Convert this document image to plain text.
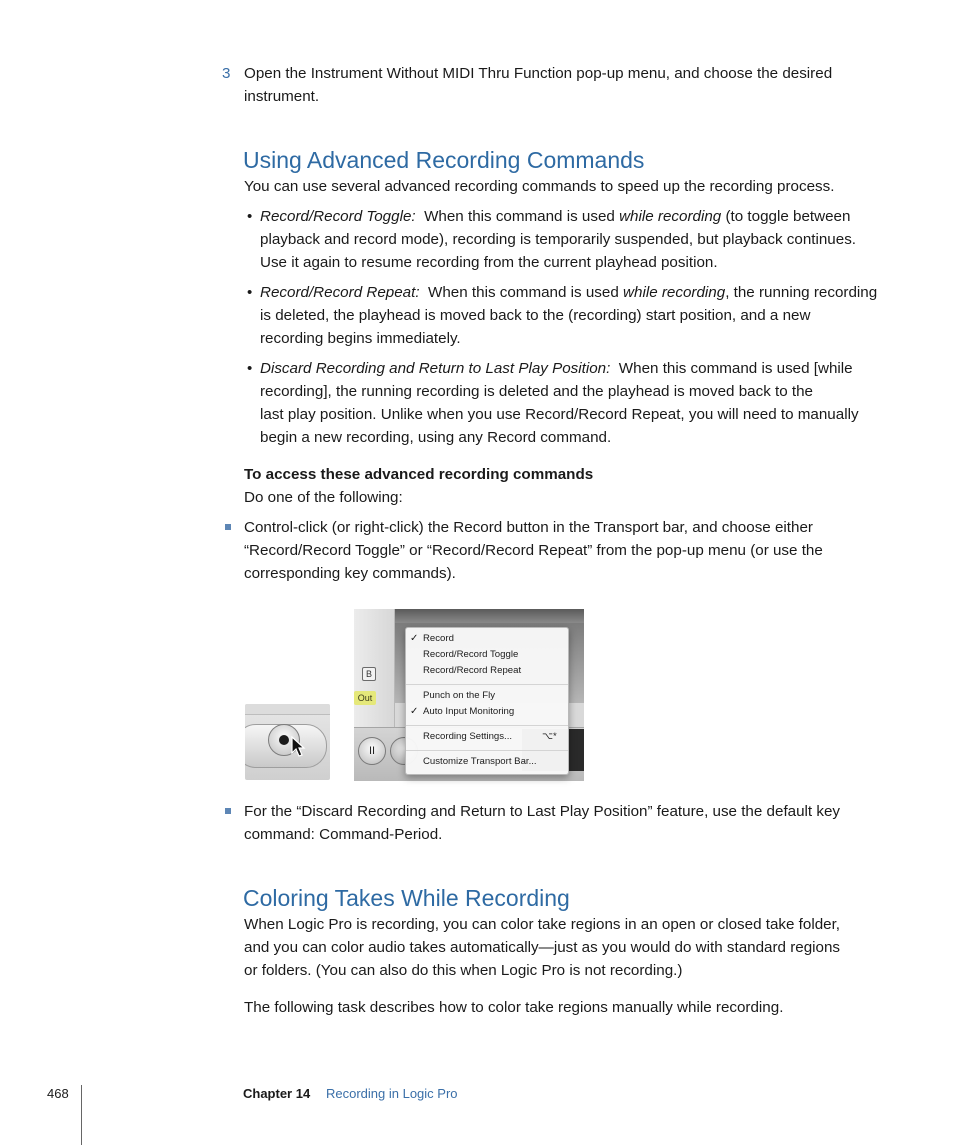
3 Open the Instrument Without MIDI Thru Function pop-up menu, and choose the desired
instrument.
Using Advanced Recording Commands
You can use several advanced recording commands to speed up the recording process.
• Record/Record Toggle: When this command is used while recording (to toggle between
playback and record mode), recording is temporarily suspended, but playback continues.
Use it again to resume recording from the current playhead position.
• Record/Record Repeat: When this command is used while recording, the running recording
is deleted, the playhead is moved back to the (recording) start position, and a new
recording begins immediately.
• Discard Recording and Return to Last Play Position: When this command is used [while
recording], the running recording is deleted and the playhead is moved back to the
last play position. Unlike when you use Record/Record Repeat, you will need to manually
begin a new recording, using any Record command.
To access these advanced recording commands
Do one of the following:
Control-click (or right-click) the Record button in the Transport bar, and choose either
“Record/Record Toggle” or “Record/Record Repeat” from the pop-up menu (or use the
corresponding key commands).
B
Out
II
✓ Record
Record/Record Toggle
Record/Record Repeat
Punch on the Fly
✓ Auto Input Monitoring
Recording Settings...	⌥*
Customize Transport Bar...
For the “Discard Recording and Return to Last Play Position” feature, use the default key
command: Command-Period.
Coloring Takes While Recording
When Logic Pro is recording, you can color take regions in an open or closed take folder,
and you can color audio takes automatically—just as you would do with standard regions
or folders. (You can also do this when Logic Pro is not recording.)
The following task describes how to color take regions manually while recording.
468	Chapter 14 Recording in Logic Pro
